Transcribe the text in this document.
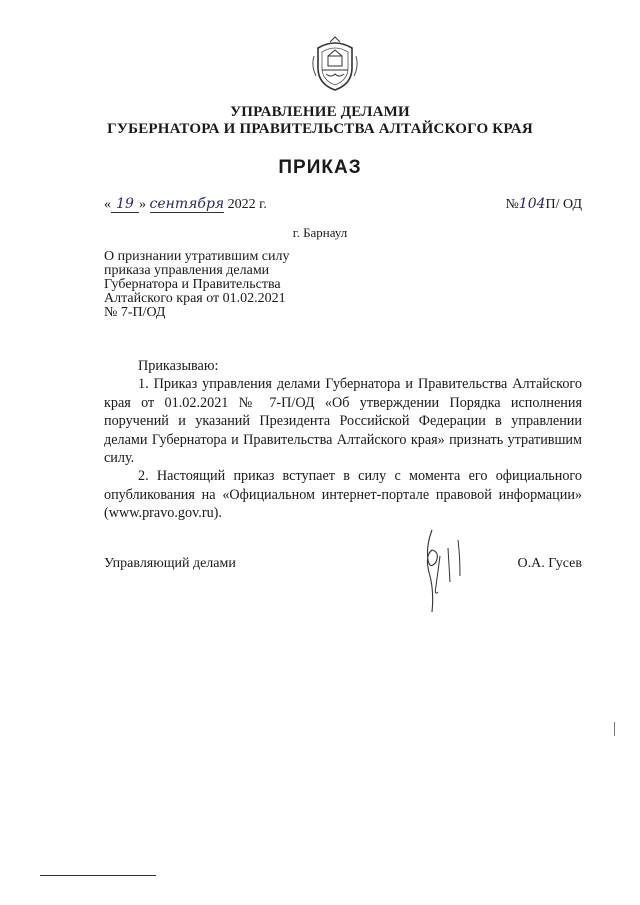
УПРАВЛЕНИЕ ДЕЛАМИ
ГУБЕРНАТОРА И ПРАВИТЕЛЬСТВА АЛТАЙСКОГО КРАЯ
ПРИКАЗ
« 19 » сентября 2022 г.	№104П/ ОД
г. Барнаул
О признании утратившим силу
приказа управления делами
Губернатора и Правительства
Алтайского края от 01.02.2021
№ 7-П/ОД

Приказываю:

1. Приказ управления делами Губернатора и Правительства Алтайского края от 01.02.2021 № 7-П/ОД «Об утверждении Порядка исполнения поручений и указаний Президента Российской Федерации в управлении делами Губернатора и Правительства Алтайского края» признать утратившим силу.

2. Настоящий приказ вступает в силу с момента его официального опубликования на «Официальном интернет-портале правовой информации» (www.pravo.gov.ru).

Управляющий делами	О.А. Гусев
